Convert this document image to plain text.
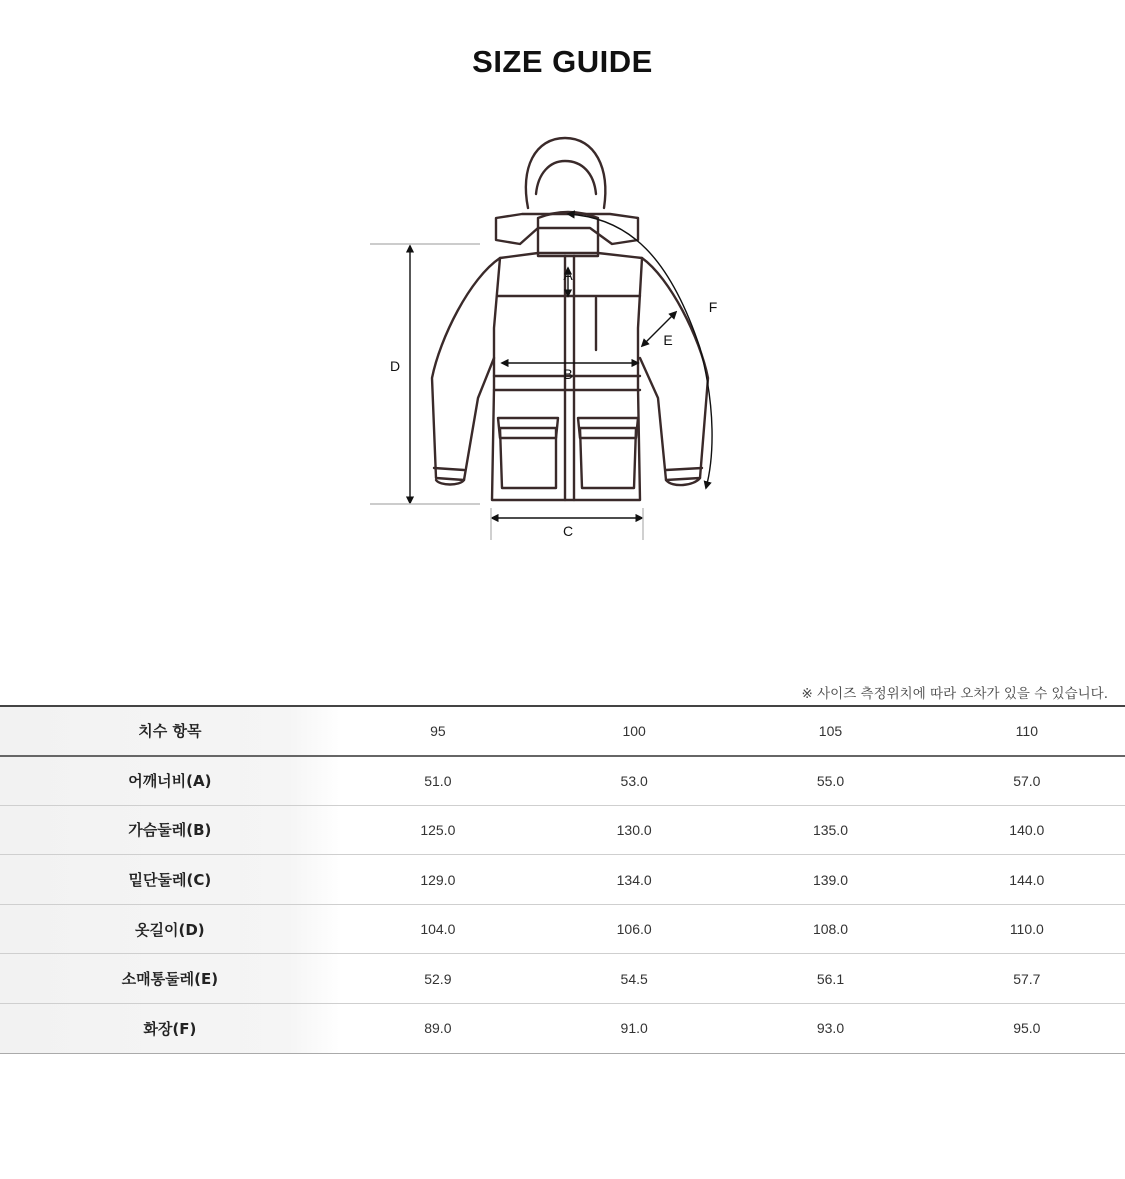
SIZE GUIDE
A
B
C
D
E
F
※ 사이즈 측정위치에 따라 오차가 있을 수 있습니다.
치수 항목	95	100	105	110
어깨너비(A)	51.0	53.0	55.0	57.0
가슴둘레(B)	125.0	130.0	135.0	140.0
밑단둘레(C)	129.0	134.0	139.0	144.0
옷길이(D)	104.0	106.0	108.0	110.0
소매통둘레(E)	52.9	54.5	56.1	57.7
화장(F)	89.0	91.0	93.0	95.0
